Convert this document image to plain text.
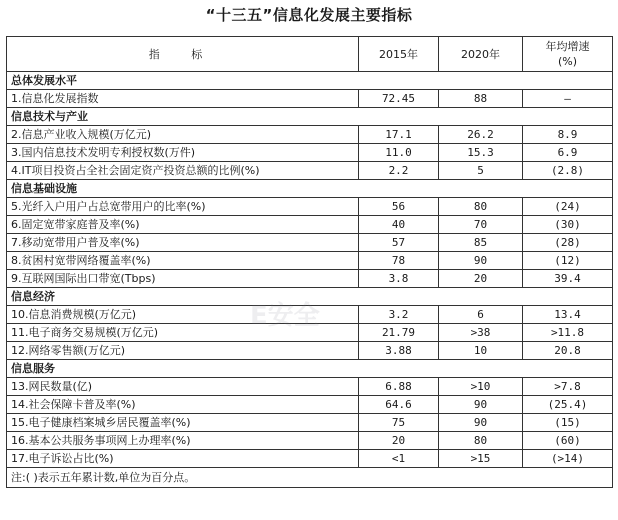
“十三五”信息化发展主要指标
指 标	2015年	2020年	年均增速
(%)

总体发展水平			
1.信息化发展指数	72.45	88	—
信息技术与产业			
2.信息产业收入规模(万亿元)	17.1	26.2	8.9
3.国内信息技术发明专利授权数(万件)	11.0	15.3	6.9
4.IT项目投资占全社会固定资产投资总额的比例(%)	2.2	5	(2.8)
信息基础设施			
5.光纤入户用户占总宽带用户的比率(%)	56	80	(24)
6.固定宽带家庭普及率(%)	40	70	(30)
7.移动宽带用户普及率(%)	57	85	(28)
8.贫困村宽带网络覆盖率(%)	78	90	(12)
9.互联网国际出口带宽(Tbps)	3.8	20	39.4
信息经济			
10.信息消费规模(万亿元)	3.2	6	13.4
11.电子商务交易规模(万亿元)	21.79	>38	>11.8
12.网络零售额(万亿元)	3.88	10	20.8
信息服务			
13.网民数量(亿)	6.88	>10	>7.8
14.社会保障卡普及率(%)	64.6	90	(25.4)
15.电子健康档案城乡居民覆盖率(%)	75	90	(15)
16.基本公共服务事项网上办理率(%)	20	80	(60)
17.电子诉讼占比(%)	<1	>15	(>14)
注:( )表示五年累计数,单位为百分点。			
E安全
